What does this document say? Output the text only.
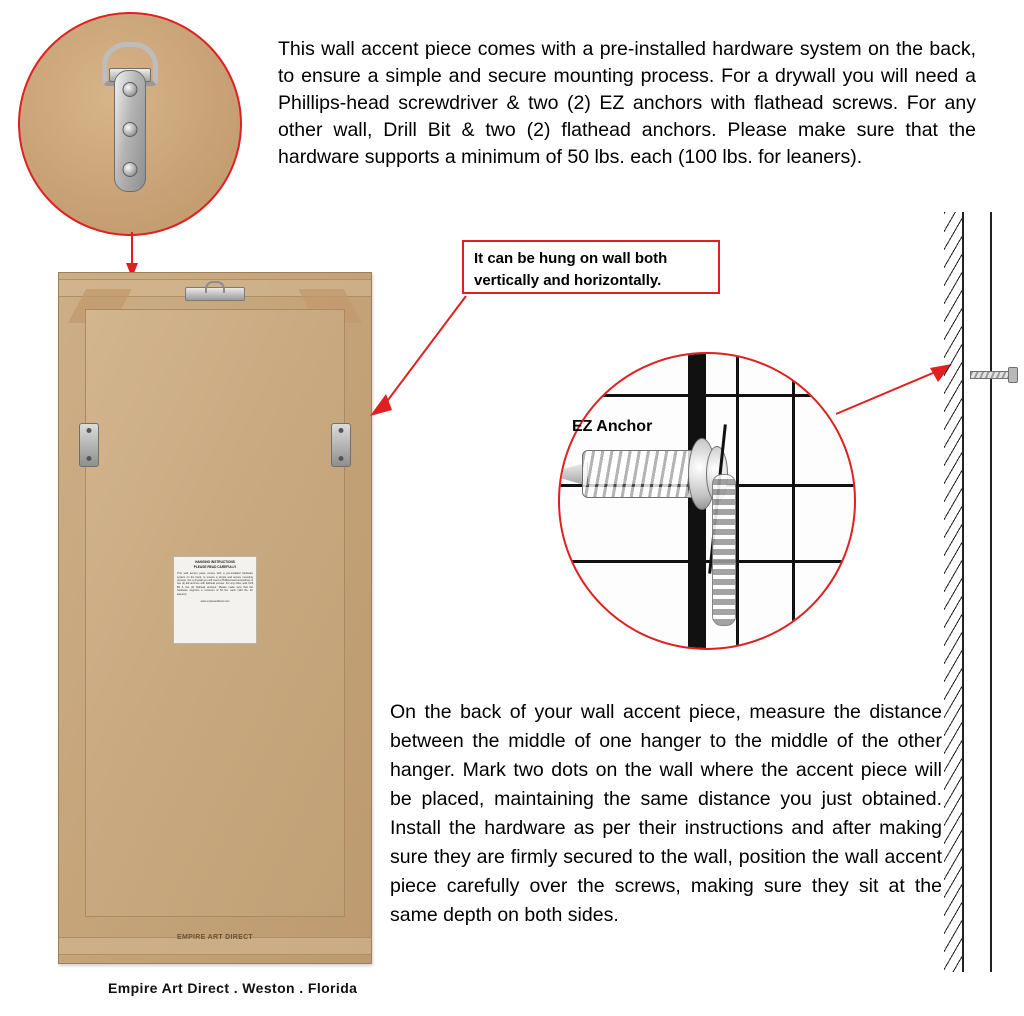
This wall accent piece comes with a pre-installed hardware system on the back, to ensure a simple and secure mounting process. For a drywall you will need a Phillips-head screwdriver & two (2) EZ anchors with flathead screws. For any other wall, Drill Bit & two (2) flathead anchors. Please make sure that the hardware supports a minimum of 50 lbs. each (100 lbs. for leaners).
HANGING INSTRUCTIONS
PLEASE READ CAREFULLY
This wall accent piece comes with a pre-installed hardware system on the back, to ensure a simple and secure mounting process. For a drywall you will need a Phillips-head screwdriver & two (2) EZ anchors with flathead screws. For any other wall, Drill Bit & two (2) flathead anchors. Please make sure that the hardware supports a minimum of 50 lbs. each (100 lbs. for leaners).
www.empireartdirect.com
EMPIRE ART DIRECT
It can be hung on wall both vertically and horizontally.
EZ Anchor
On the back of your wall accent piece, measure the distance between the middle of one hanger to the middle of the other hanger. Mark two dots on the wall where the accent piece will be placed, maintaining the same distance you just obtained. Install the hardware as per their instructions and after making sure they are firmly secured to the wall, position the wall accent piece carefully over the screws, making sure they sit at the same depth on both sides.
Empire Art Direct . Weston . Florida
